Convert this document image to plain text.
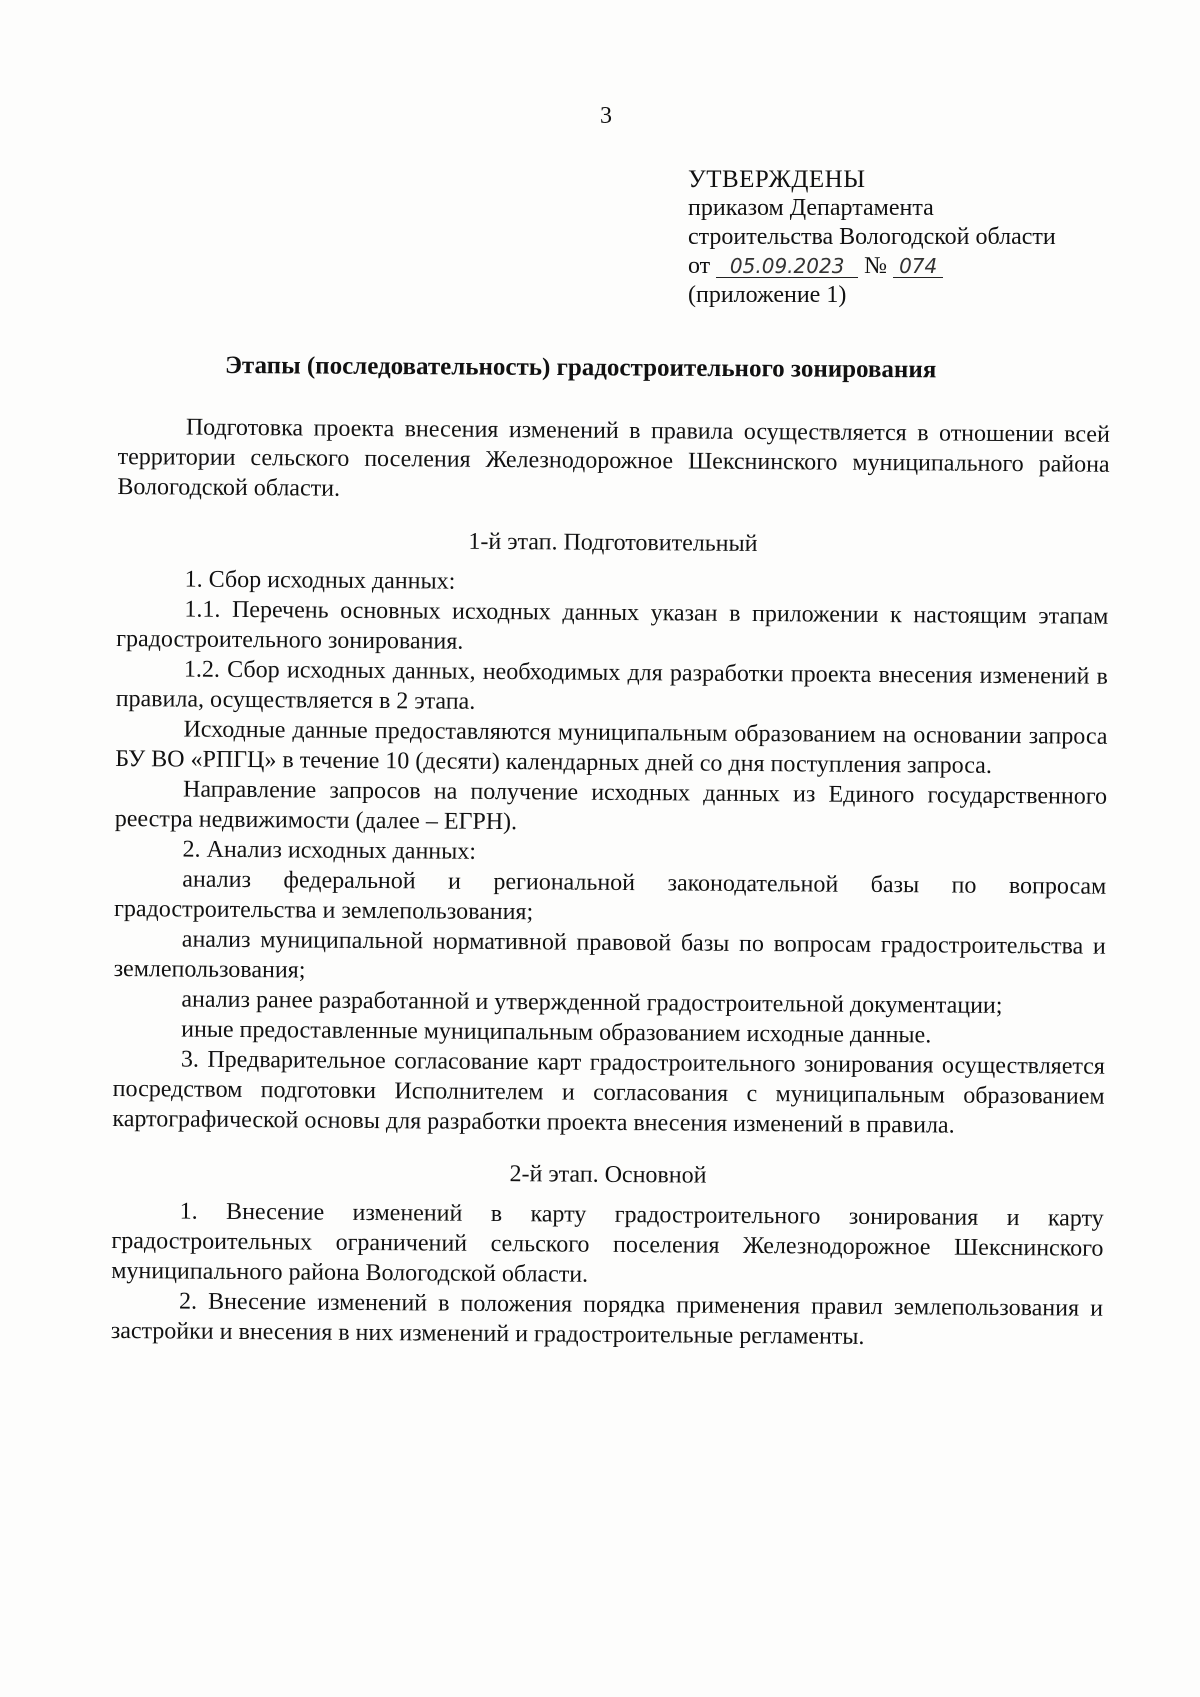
3
УТВЕРЖДЕНЫ
приказом Департамента
строительства Вологодской области
от 05.09.2023 № 074
(приложение 1)
Этапы (последовательность) градостроительного зонирования

Подготовка проекта внесения изменений в правила осуществляется в отношении всей территории сельского поселения Железнодорожное Шекснинского муниципального района Вологодской области.

1-й этап. Подготовительный

1. Сбор исходных данных:

1.1. Перечень основных исходных данных указан в приложении к настоящим этапам градостроительного зонирования.

1.2. Сбор исходных данных, необходимых для разработки проекта внесения изменений в правила, осуществляется в 2 этапа.

Исходные данные предоставляются муниципальным образованием на основании запроса БУ ВО «РПГЦ» в течение 10 (десяти) календарных дней со дня поступления запроса.

Направление запросов на получение исходных данных из Единого государственного реестра недвижимости (далее – ЕГРН).

2. Анализ исходных данных:

анализ федеральной и региональной законодательной базы по вопросам градостроительства и землепользования;

анализ муниципальной нормативной правовой базы по вопросам градостроительства и землепользования;

анализ ранее разработанной и утвержденной градостроительной документации;

иные предоставленные муниципальным образованием исходные данные.

3. Предварительное согласование карт градостроительного зонирования осуществляется посредством подготовки Исполнителем и согласования с муниципальным образованием картографической основы для разработки проекта внесения изменений в правила.

2-й этап. Основной

1. Внесение изменений в карту градостроительного зонирования и карту градостроительных ограничений сельского поселения Железнодорожное Шекснинского муниципального района Вологодской области.

2. Внесение изменений в положения порядка применения правил землепользования и застройки и внесения в них изменений и градостроительные регламенты.
